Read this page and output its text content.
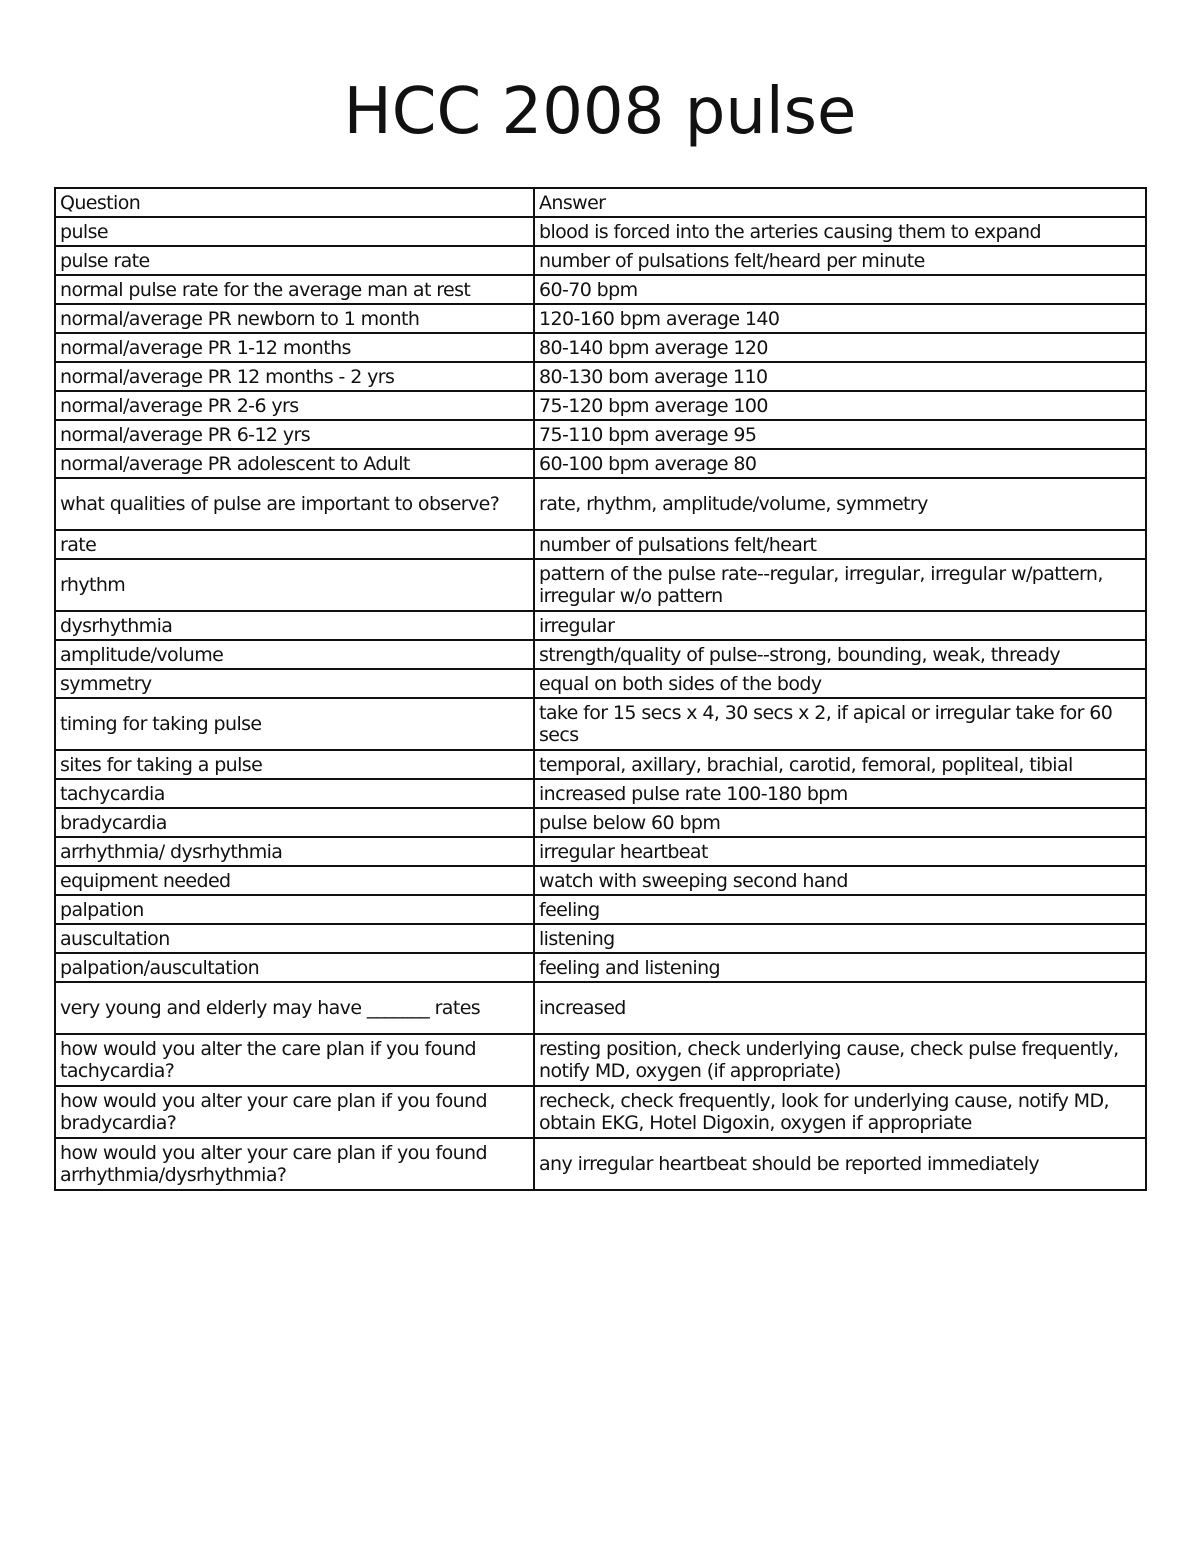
HCC 2008 pulse
Question	Answer
pulse	blood is forced into the arteries causing them to expand
pulse rate	number of pulsations felt/heard per minute
normal pulse rate for the average man at rest	60-70 bpm
normal/average PR newborn to 1 month	120-160 bpm average 140
normal/average PR 1-12 months	80-140 bpm average 120
normal/average PR 12 months - 2 yrs	80-130 bom average 110
normal/average PR 2-6 yrs	75-120 bpm average 100
normal/average PR 6-12 yrs	75-110 bpm average 95
normal/average PR adolescent to Adult	60-100 bpm average 80
what qualities of pulse are important to observe?	rate, rhythm, amplitude/volume, symmetry
rate	number of pulsations felt/heart
rhythm	pattern of the pulse rate--regular, irregular, irregular w/pattern, irregular w/o pattern
dysrhythmia	irregular
amplitude/volume	strength/quality of pulse--strong, bounding, weak, thready
symmetry	equal on both sides of the body
timing for taking pulse	take for 15 secs x 4, 30 secs x 2, if apical or irregular take for 60 secs
sites for taking a pulse	temporal, axillary, brachial, carotid, femoral, popliteal, tibial
tachycardia	increased pulse rate 100-180 bpm
bradycardia	pulse below 60 bpm
arrhythmia/ dysrhythmia	irregular heartbeat
equipment needed	watch with sweeping second hand
palpation	feeling
auscultation	listening
palpation/auscultation	feeling and listening
very young and elderly may have _______ rates	increased
how would you alter the care plan if you found tachycardia?	resting position, check underlying cause, check pulse frequently, notify MD, oxygen (if appropriate)
how would you alter your care plan if you found bradycardia?	recheck, check frequently, look for underlying cause, notify MD, obtain EKG, Hotel Digoxin, oxygen if appropriate
how would you alter your care plan if you found arrhythmia/dysrhythmia?	any irregular heartbeat should be reported immediately
